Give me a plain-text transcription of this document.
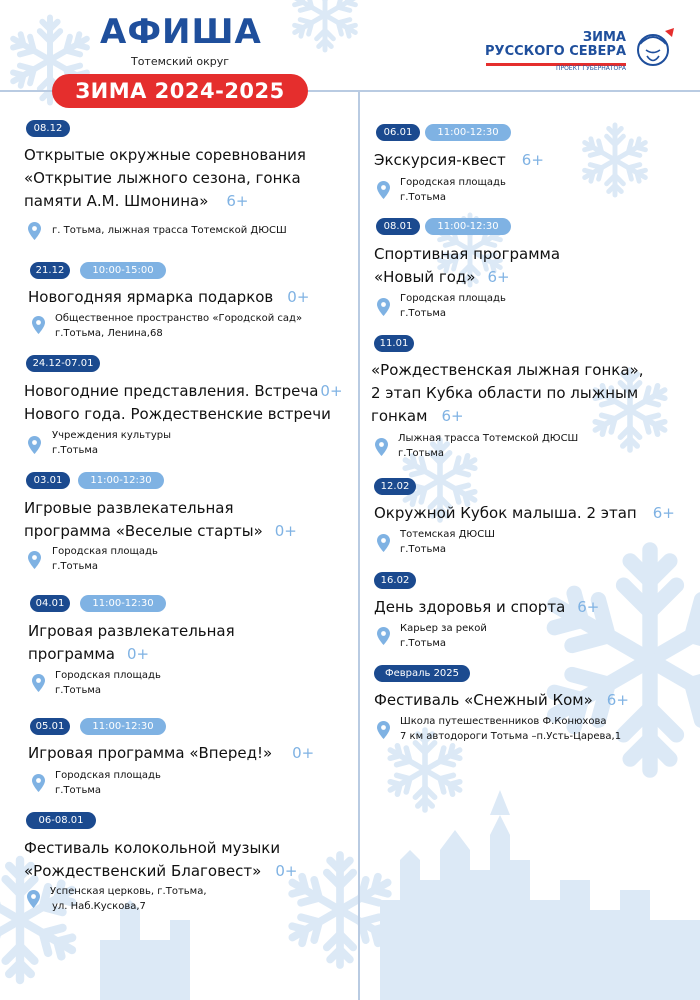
АФИША
Тотемский округ
ЗИМА 2024-2025
ЗИМА
РУССКОГО СЕВЕРА
ПРОЕКТ ГУБЕРНАТОРА
08.12
Открытые окружные соревнования
«Открытие лыжного сезона, гонка
памяти А.М. Шмонина» 6+
г. Тотьма, лыжная трасса Тотемской ДЮСШ
21.12	10:00-15:00
Новогодняя ярмарка подарков 0+
Общественное пространство «Городской сад»
г.Тотьма, Ленина,68
24.12-07.01
Новогодние представления. Встреча 0+
Нового года. Рождественские встречи
Учреждения культуры
г.Тотьма
03.01	11:00-12:30
Игровые развлекательная
программа «Веселые старты» 0+
Городская площадь
г.Тотьма
04.01	11:00-12:30
Игровая развлекательная
программа 0+
Городская площадь
г.Тотьма
05.01	11:00-12:30
Игровая программа «Вперед!» 0+
Городская площадь
г.Тотьма
06-08.01
Фестиваль колокольной музыки
«Рождественский Благовест» 0+
Успенская церковь, г.Тотьма,
ул. Наб.Кускова,7
06.01	11:00-12:30
Экскурсия-квест 6+
Городская площадь
г.Тотьма
08.01	11:00-12:30
Спортивная программа
«Новый год» 6+
Городская площадь
г.Тотьма
11.01
«Рождественская лыжная гонка»,
2 этап Кубка области по лыжным
гонкам 6+
Лыжная трасса Тотемской ДЮСШ
г.Тотьма
12.02
Окружной Кубок малыша. 2 этап 6+
Тотемская ДЮСШ
г.Тотьма
16.02
День здоровья и спорта 6+
Карьер за рекой
г.Тотьма
Февраль 2025
Фестиваль «Снежный Ком» 6+
Школа путешественников Ф.Конюхова
7 км автодороги Тотьма –п.Усть-Царева,1
